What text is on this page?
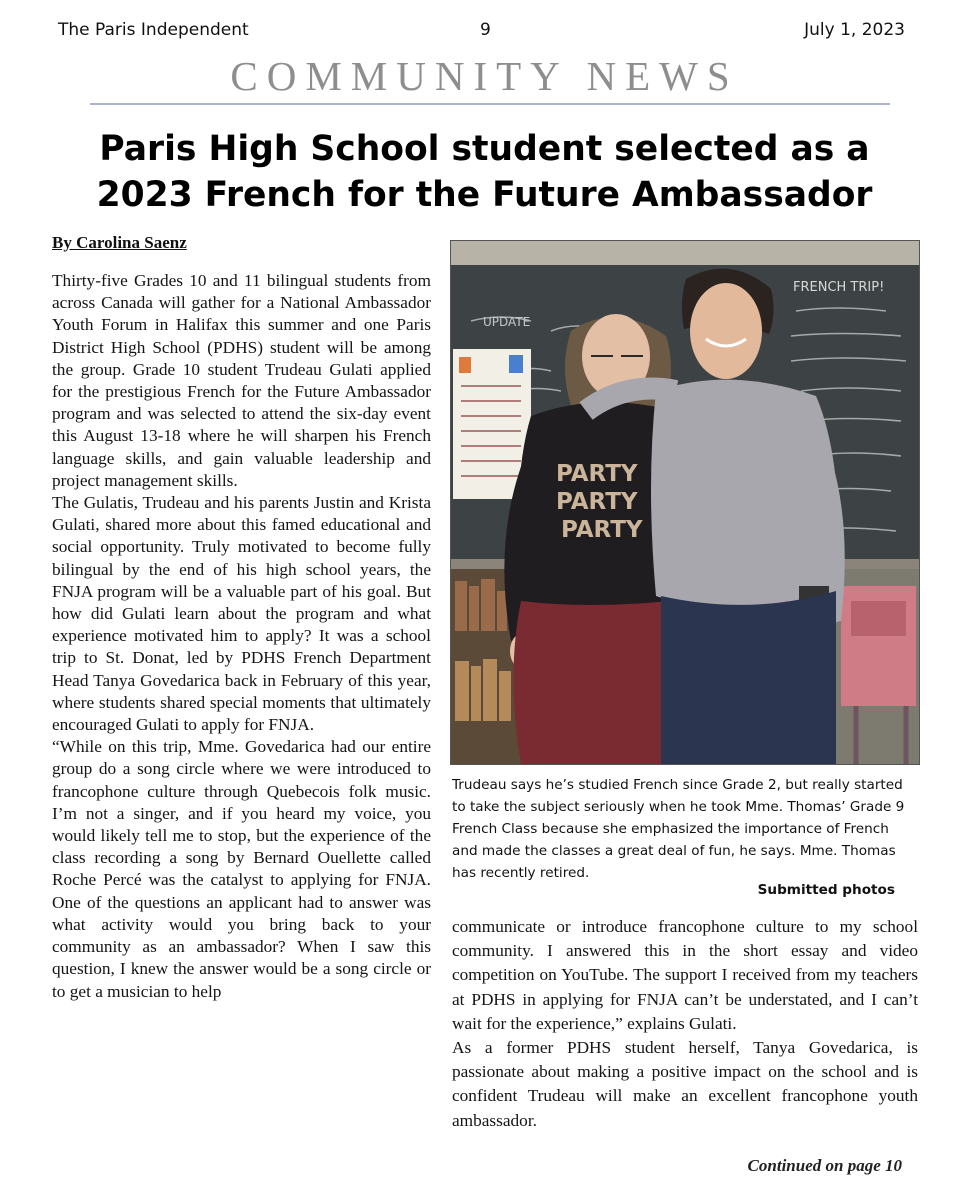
The Paris Independent	9	July 1, 2023
COMMUNITY NEWS
Paris High School student selected as a
2023 French for the Future Ambassador
By Carolina Saenz

Thirty-five Grades 10 and 11 bilingual students from across Canada will gather for a National Ambassador Youth Forum in Halifax this summer and one Paris District High School (PDHS) student will be among the group. Grade 10 student Trudeau Gulati applied for the prestigious French for the Future Ambassador program and was selected to attend the six-day event this August 13-18 where he will sharpen his French language skills, and gain valuable leadership and project management skills.

The Gulatis, Trudeau and his parents Justin and Krista Gulati, shared more about this famed educational and social opportunity. Truly motivated to become fully bilingual by the end of his high school years, the FNJA program will be a valuable part of his goal. But how did Gulati learn about the program and what experience motivated him to apply? It was a school trip to St. Donat, led by PDHS French Department Head Tanya Govedarica back in February of this year, where students shared special moments that ultimately encouraged Gulati to apply for FNJA.

“While on this trip, Mme. Govedarica had our entire group do a song circle where we were introduced to francophone culture through Quebecois folk music. I’m not a singer, and if you heard my voice, you would likely tell me to stop, but the experience of the class recording a song by Bernard Ouellette called Roche Percé was the catalyst to applying for FNJA. One of the questions an applicant had to answer was what activity would you bring back to your community as an ambassador? When I saw this question, I knew the answer would be a song circle or to get a musician to help

FRENCH TRIP!
UPDATE
PARTY
PARTY
PARTY
Trudeau says he’s studied French since Grade 2, but really started to take the subject seriously when he took Mme. Thomas’ Grade 9 French Class because she emphasized the importance of French and made the classes a great deal of fun, he says. Mme. Thomas has recently retired.
Submitted photos

communicate or introduce francophone culture to my school community. I answered this in the short essay and video competition on YouTube. The support I received from my teachers at PDHS in applying for FNJA can’t be understated, and I can’t wait for the experience,” explains Gulati.

As a former PDHS student herself, Tanya Govedarica, is passionate about making a positive impact on the school and is confident Trudeau will make an excellent francophone youth ambassador.

Continued on page 10
